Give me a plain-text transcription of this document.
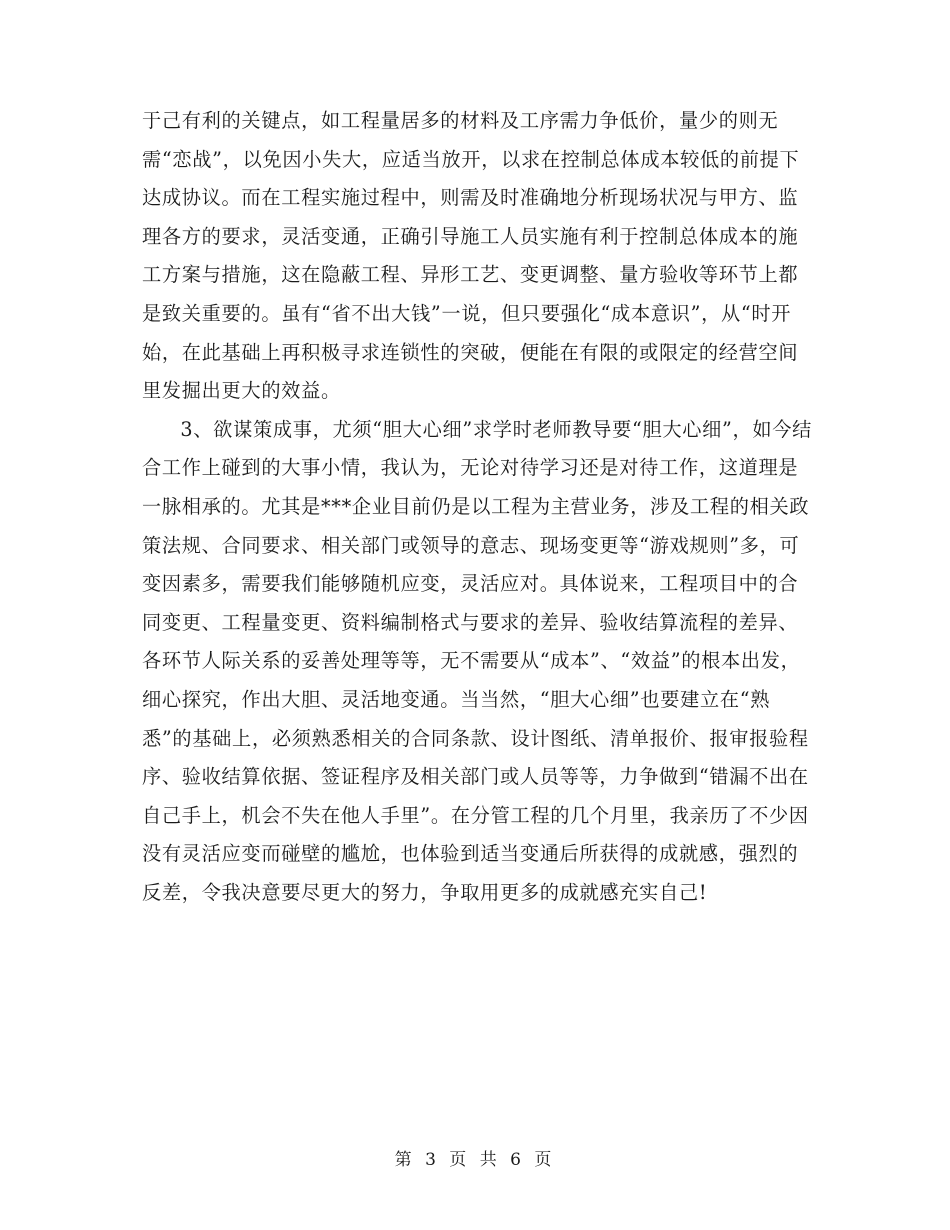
于己有利的关键点，如工程量居多的材料及工序需力争低价，量少的则无需“恋战”，以免因小失大，应适当放开，以求在控制总体成本较低的前提下达成协议。而在工程实施过程中，则需及时准确地分析现场状况与甲方、监理各方的要求，灵活变通，正确引导施工人员实施有利于控制总体成本的施工方案与措施，这在隐蔽工程、异形工艺、变更调整、量方验收等环节上都是致关重要的。虽有“省不出大钱”一说，但只要强化“成本意识”，从“时开始，在此基础上再积极寻求连锁性的突破，便能在有限的或限定的经营空间里发掘出更大的效益。

3、欲谋策成事，尤须“胆大心细”求学时老师教导要“胆大心细”，如今结合工作上碰到的大事小情，我认为，无论对待学习还是对待工作，这道理是一脉相承的。尤其是***企业目前仍是以工程为主营业务，涉及工程的相关政策法规、合同要求、相关部门或领导的意志、现场变更等“游戏规则”多，可变因素多，需要我们能够随机应变，灵活应对。具体说来，工程项目中的合同变更、工程量变更、资料编制格式与要求的差异、验收结算流程的差异、各环节人际关系的妥善处理等等，无不需要从“成本”、“效益”的根本出发，细心探究，作出大胆、灵活地变通。当当然，“胆大心细”也要建立在“熟悉”的基础上，必须熟悉相关的合同条款、设计图纸、清单报价、报审报验程序、验收结算依据、签证程序及相关部门或人员等等，力争做到“错漏不出在自己手上，机会不失在他人手里”。在分管工程的几个月里，我亲历了不少因没有灵活应变而碰壁的尴尬，也体验到适当变通后所获得的成就感，强烈的反差，令我决意要尽更大的努力，争取用更多的成就感充实自己!

第 3 页 共 6 页
